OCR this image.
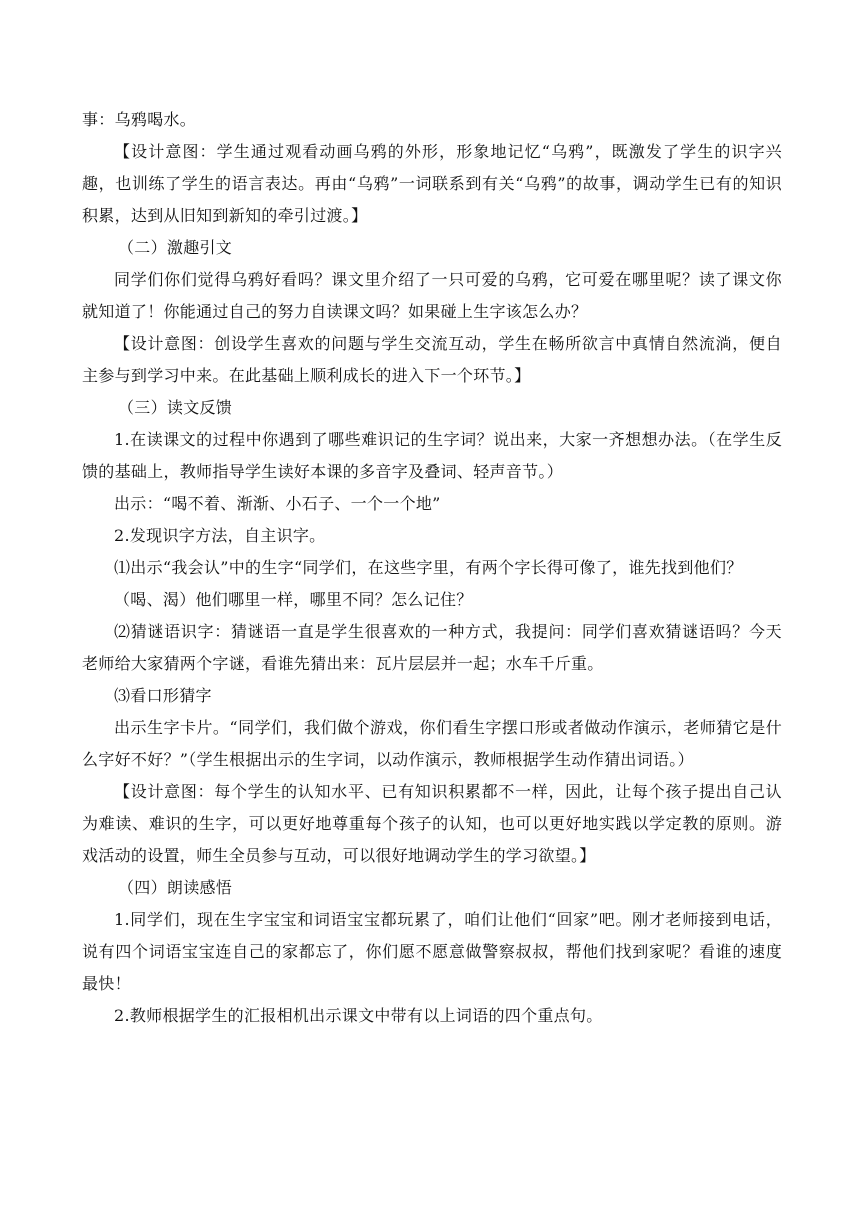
事：乌鸦喝水。

【设计意图：学生通过观看动画乌鸦的外形，形象地记忆“乌鸦”，既激发了学生的识字兴趣，也训练了学生的语言表达。再由“乌鸦”一词联系到有关“乌鸦”的故事，调动学生已有的知识积累，达到从旧知到新知的牵引过渡。】

（二）激趣引文

同学们你们觉得乌鸦好看吗？课文里介绍了一只可爱的乌鸦，它可爱在哪里呢？读了课文你就知道了！你能通过自己的努力自读课文吗？如果碰上生字该怎么办？

【设计意图：创设学生喜欢的问题与学生交流互动，学生在畅所欲言中真情自然流淌，便自主参与到学习中来。在此基础上顺利成长的进入下一个环节。】

（三）读文反馈

1.在读课文的过程中你遇到了哪些难识记的生字词？说出来，大家一齐想想办法。（在学生反馈的基础上，教师指导学生读好本课的多音字及叠词、轻声音节。）

出示：“喝不着、渐渐、小石子、一个一个地”

2.发现识字方法，自主识字。

⑴出示“我会认”中的生字“同学们，在这些字里，有两个字长得可像了，谁先找到他们？

（喝、渴）他们哪里一样，哪里不同？怎么记住？

⑵猜谜语识字：猜谜语一直是学生很喜欢的一种方式，我提问：同学们喜欢猜谜语吗？今天老师给大家猜两个字谜，看谁先猜出来：瓦片层层并一起；水车千斤重。

⑶看口形猜字

出示生字卡片。“同学们，我们做个游戏，你们看生字摆口形或者做动作演示，老师猜它是什么字好不好？”（学生根据出示的生字词，以动作演示，教师根据学生动作猜出词语。）

【设计意图：每个学生的认知水平、已有知识积累都不一样，因此，让每个孩子提出自己认为难读、难识的生字，可以更好地尊重每个孩子的认知，也可以更好地实践以学定教的原则。游戏活动的设置，师生全员参与互动，可以很好地调动学生的学习欲望。】

（四）朗读感悟

1.同学们，现在生字宝宝和词语宝宝都玩累了，咱们让他们“回家”吧。刚才老师接到电话，说有四个词语宝宝连自己的家都忘了，你们愿不愿意做警察叔叔，帮他们找到家呢？看谁的速度最快！

2.教师根据学生的汇报相机出示课文中带有以上词语的四个重点句。
